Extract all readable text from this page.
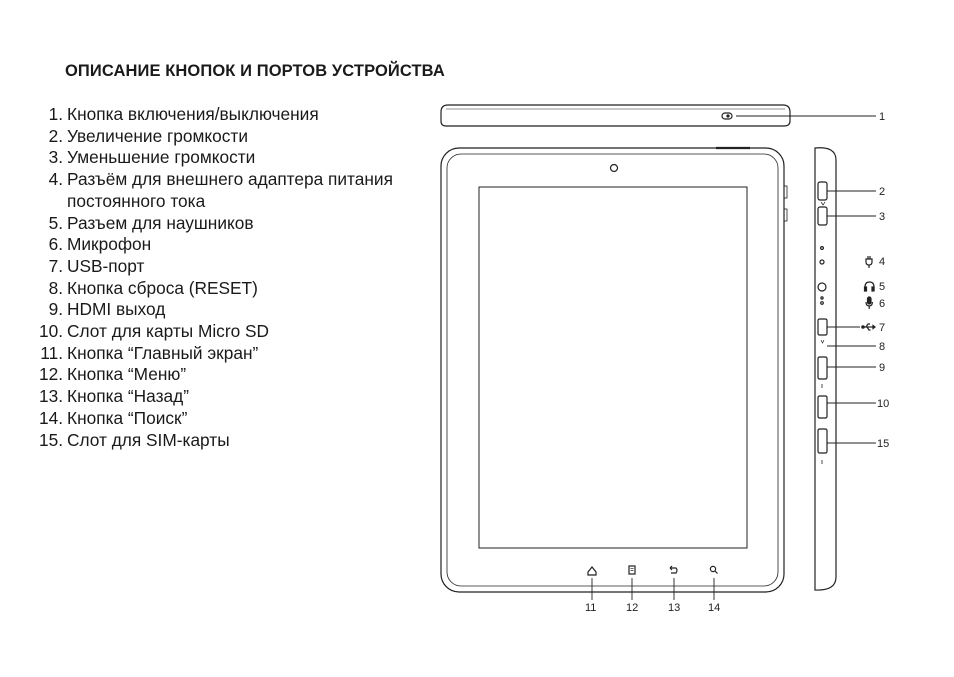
ОПИСАНИЕ КНОПОК И ПОРТОВ УСТРОЙСТВА
1. Кнопка включения/выключения
2. Увеличение громкости
3. Уменьшение громкости
4. Разъём для внешнего адаптера питания постоянного тока
5. Разъем для наушников
6. Микрофон
7. USB-порт
8. Кнопка сброса (RESET)
9. HDMI выход
10. Слот для карты Micro SD
11. Кнопка “Главный экран”
12. Кнопка “Меню”
13. Кнопка “Назад”
14. Кнопка “Поиск”
15. Слот для SIM-карты
1
2
3
4
5
6
7
8
9
10
15
11	12	13	14
